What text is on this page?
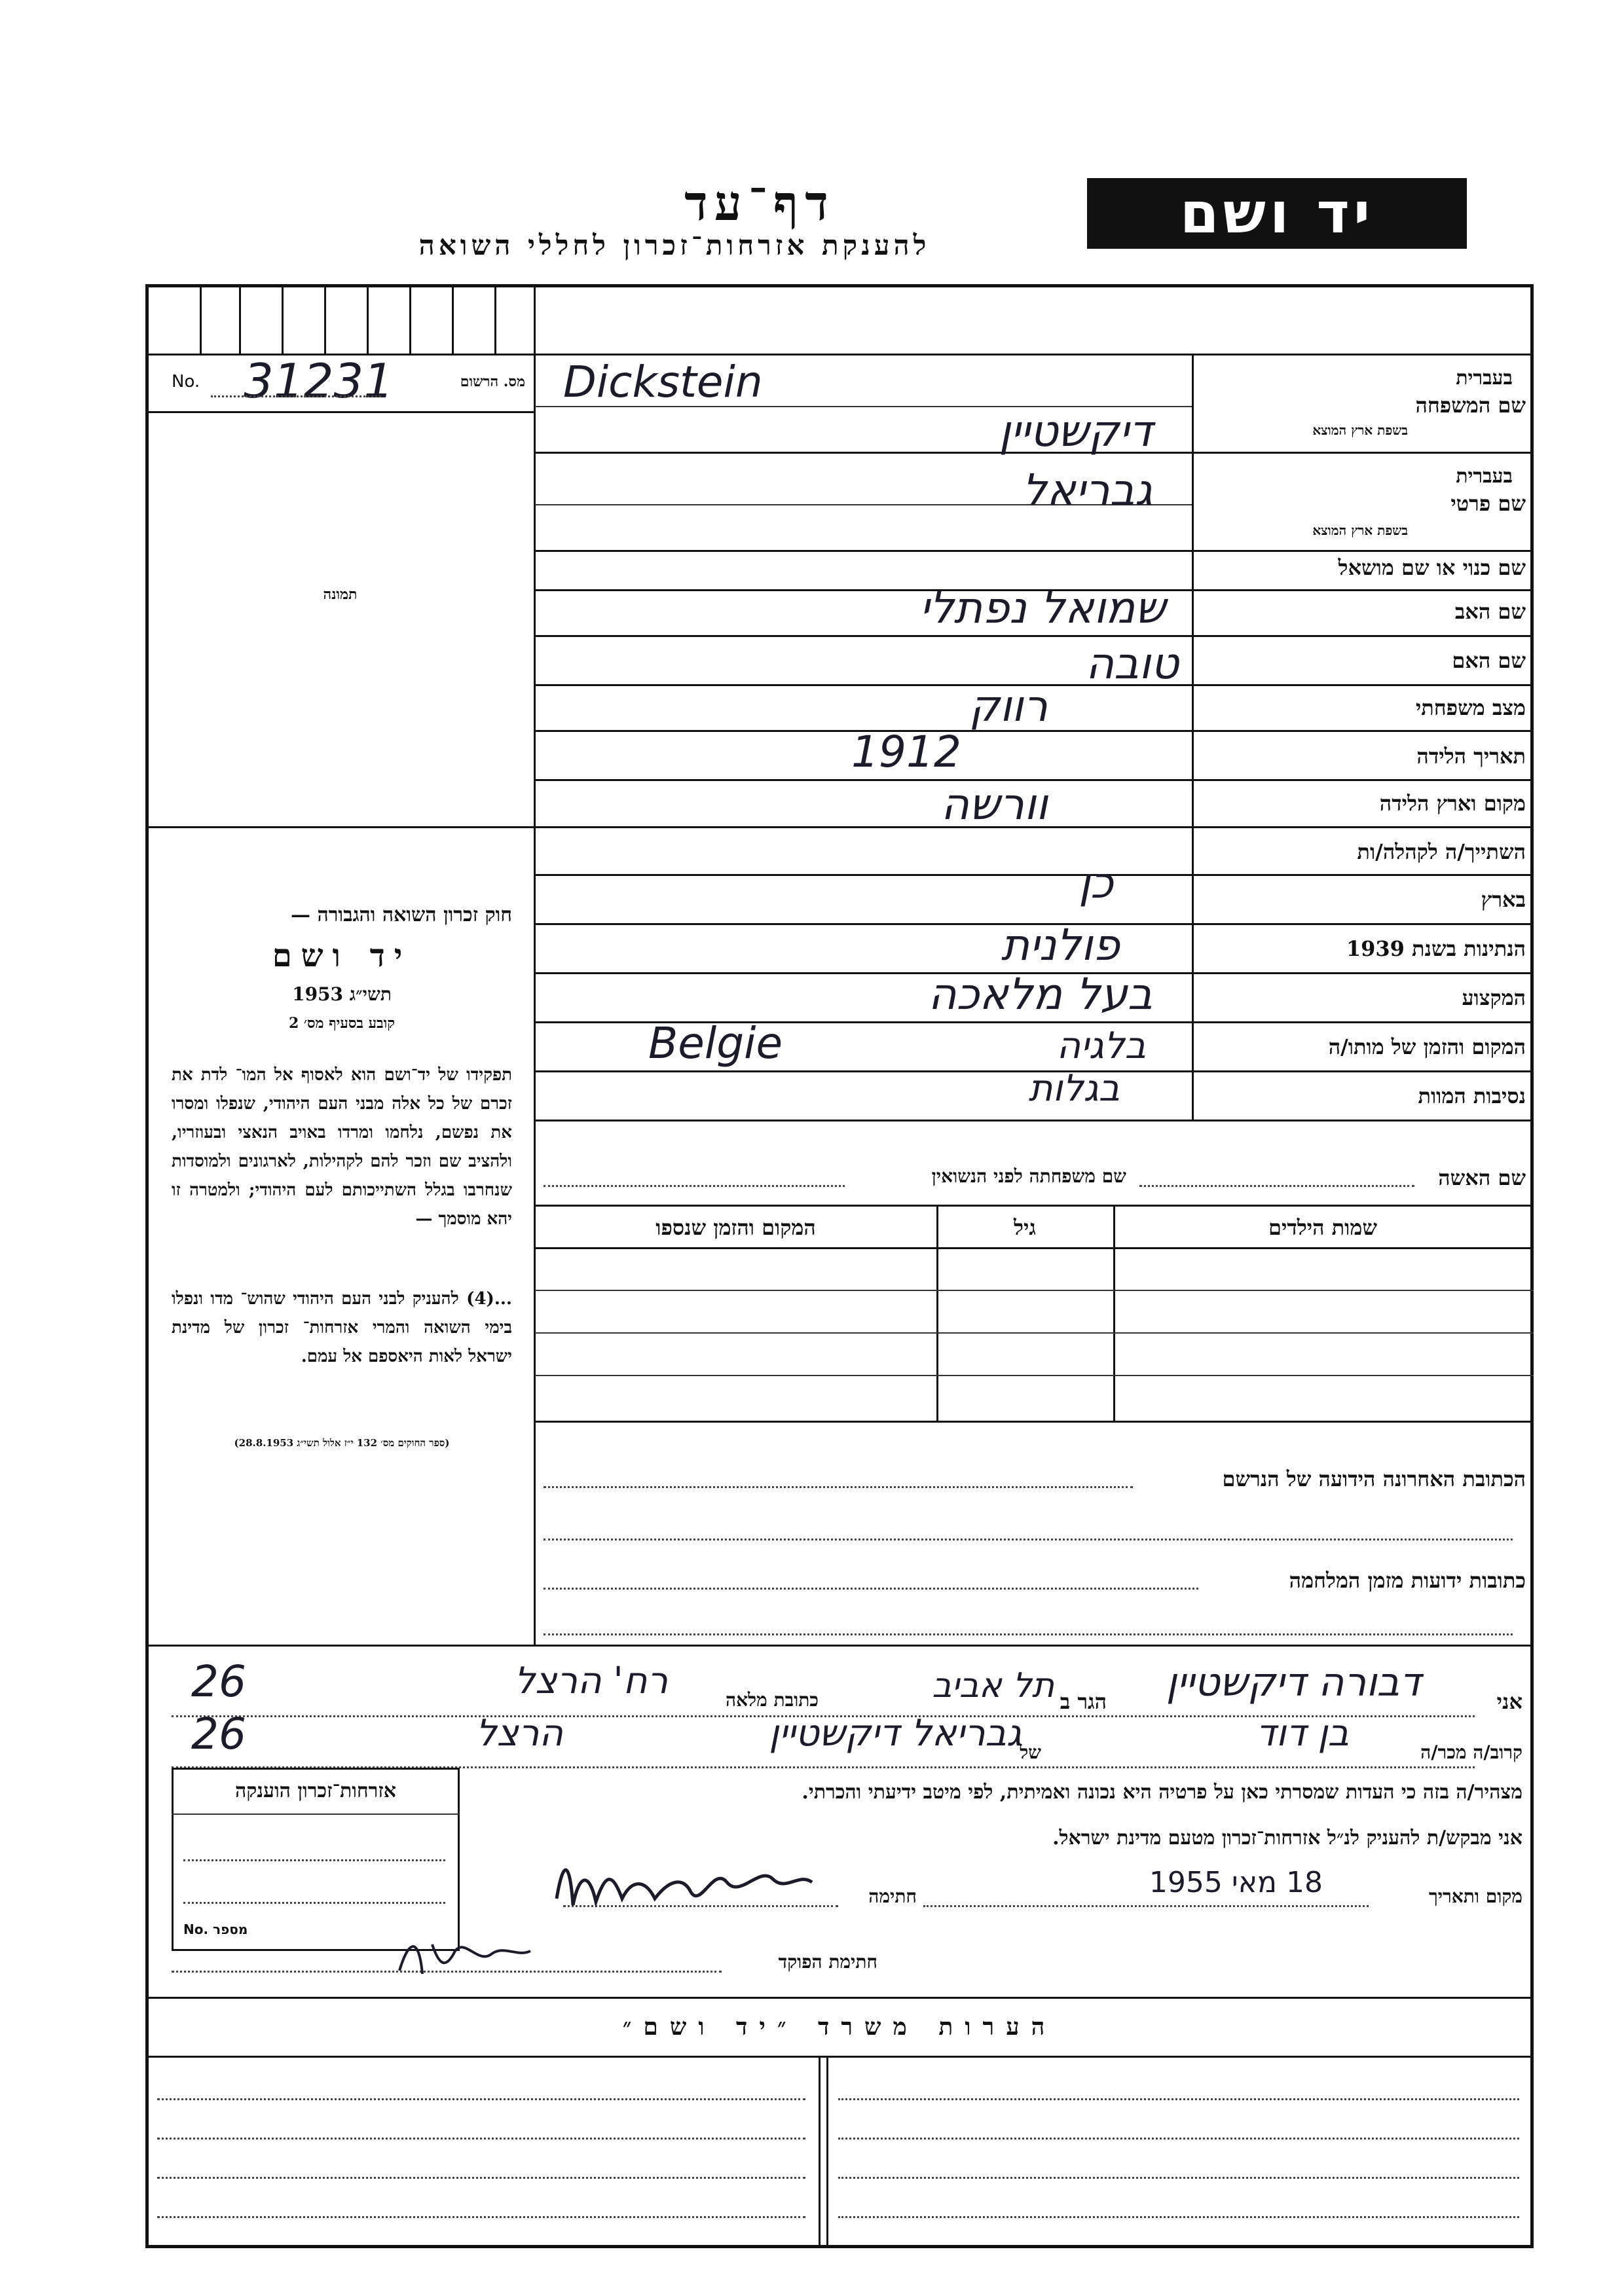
יד ושם
דף־עד
להענקת אזרחות־זכרון לחללי השואה
No. 31231	מס. הרשום
תמונה
חוק זכרון השואה והגבורה —
יד ושם
תשי״ג 1953
קובע בסעיף מס׳ 2
תפקידו של יד־ושם הוא לאסוף אל המו־ לדת את זכרם של כל אלה מבני העם היהודי, שנפלו ומסרו את נפשם, נלחמו ומרדו באויב הנאצי ובעוזריו, ולהציב שם וזכר להם לקהילות, לארגונים ולמוסדות שנחרבו בגלל השתייכותם לעם היהודי; ולמטרה זו יהא מוסמך —
...(4) להעניק לבני העם היהודי שהוש־ מדו ונפלו בימי השואה והמרי אזרחות־ זכרון של מדינת ישראל לאות היאספם אל עמם.
(ספר החוקים מס׳ 132 י״ז אלול תשי״ג 28.8.1953)
בעברית
שם המשפחה
בשפת ארץ המוצא
Dickstein
דיקשטיין
בעברית
שם פרטי
בשפת ארץ המוצא
גבריאל
שם כנוי או שם מושאל
שם האב
שמואל נפתלי
שם האם
טובה
מצב משפחתי
רווק
תאריך הלידה
1912
מקום וארץ הלידה
וורשה
השתייך/ה לקהלה/ות
בארץ
כן
הנתינות בשנת 1939
פולנית
המקצוע
בעל מלאכה
המקום והזמן של מותו/ה
Belgie	בלגיה
נסיבות המוות
בגלות
שם האשה
שם משפחתה לפני הנשואין
שמות הילדים
גיל
המקום והזמן שנספו
הכתובת האחרונה הידועה של הנרשם
כתובות ידועות מזמן המלחמה
אני
דבורה דיקשטיין
הגר ב
תל אביב
כתובת מלאה
רח' הרצל
26
קרוב/ה מכר/ה
בן דוד
של
גבריאל דיקשטיין
הרצל
26
מצהיר/ה בזה כי העדות שמסרתי כאן על פרטיה היא נכונה ואמיתית, לפי מיטב ידיעתי והכרתי.
אני מבקש/ת להעניק לנ״ל אזרחות־זכרון מטעם מדינת ישראל.
אזרחות־זכרון הוענקה
No. מספר
מקום ותאריך
18 מאי 1955
חתימה
חתימת הפוקד
הערות משרד ״יד ושם״
